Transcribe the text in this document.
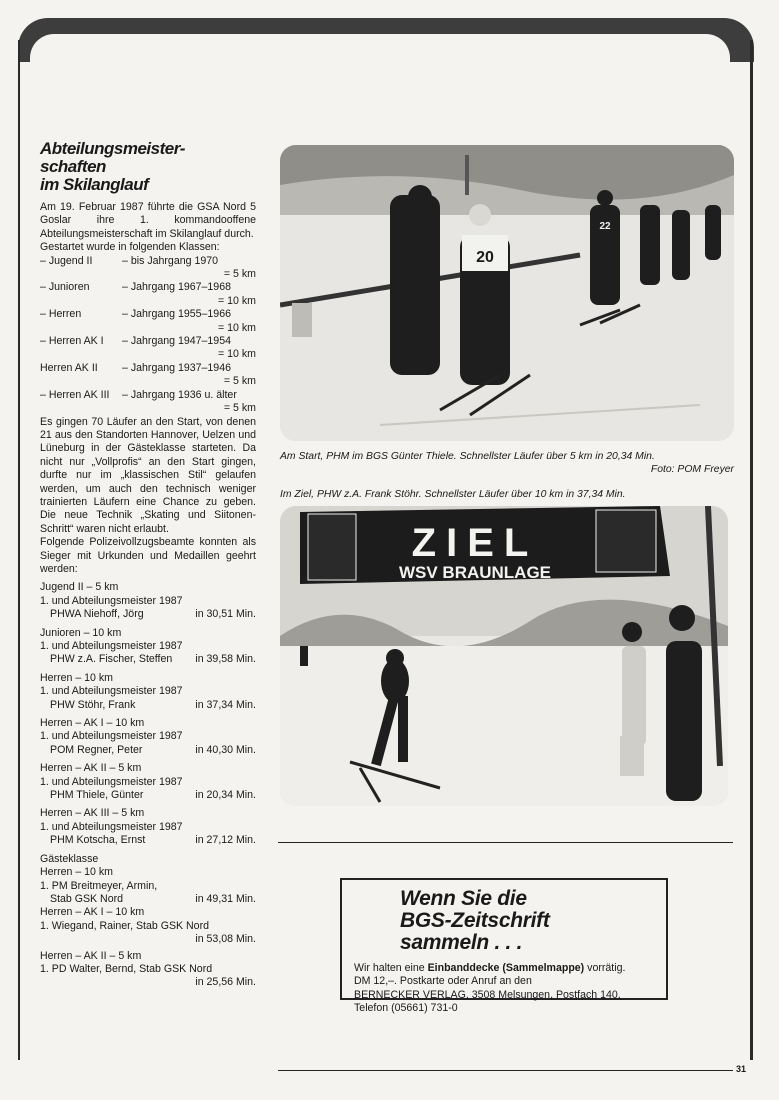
Abteilungsmeister-
schaften
im Skilanglauf

Am 19. Februar 1987 führte die GSA Nord 5 Goslar ihre 1. kommandooffene Abteilungsmeisterschaft im Skilanglauf durch.

Gestartet wurde in folgenden Klassen:

– Jugend II	– bis Jahrgang 1970
= 5 km
– Junioren	– Jahrgang 1967–1968
= 10 km
– Herren	– Jahrgang 1955–1966
= 10 km
– Herren AK I	– Jahrgang 1947–1954
= 10 km
Herren AK II	– Jahrgang 1937–1946
= 5 km
– Herren AK III	– Jahrgang 1936 u. älter
= 5 km

Es gingen 70 Läufer an den Start, von denen 21 aus den Standorten Hannover, Uelzen und Lüneburg in der Gästeklasse starteten. Da nicht nur „Vollprofis“ an den Start gingen, durfte nur im „klassischen Stil“ gelaufen werden, um auch den technisch weniger trainierten Läufern eine Chance zu geben. Die neue Technik „Skating und Siitonen-Schritt“ waren nicht erlaubt.

Folgende Polizeivollzugsbeamte konnten als Sieger mit Urkunden und Medaillen geehrt werden:

Jugend II – 5 km
1. und Abteilungsmeister 1987
PHWA Niehoff, Jörg	in 30,51 Min.
Junioren – 10 km
1. und Abteilungsmeister 1987
PHW z.A. Fischer, Steffen in 39,58 Min.
Herren – 10 km
1. und Abteilungsmeister 1987
PHW Stöhr, Frank	in 37,34 Min.
Herren – AK I – 10 km
1. und Abteilungsmeister 1987
POM Regner, Peter	in 40,30 Min.
Herren – AK II – 5 km
1. und Abteilungsmeister 1987
PHM Thiele, Günter	in 20,34 Min.
Herren – AK III – 5 km
1. und Abteilungsmeister 1987
PHM Kotscha, Ernst	in 27,12 Min.
Gästeklasse
Herren – 10 km
1. PM Breitmeyer, Armin,
Stab GSK Nord	in 49,31 Min.
Herren – AK I – 10 km
1. Wiegand, Rainer, Stab GSK Nord
in 53,08 Min.
Herren – AK II – 5 km
1. PD Walter, Bernd, Stab GSK Nord
in 25,56 Min.
20
22
Am Start, PHM im BGS Günter Thiele. Schnellster Läufer über 5 km in 20,34 Min.
Foto: POM Freyer
Im Ziel, PHW z.A. Frank Stöhr. Schnellster Läufer über 10 km in 37,34 Min.
ZIEL
WSV BRAUNLAGE
Wenn Sie die
BGS-Zeitschrift
sammeln . . .
Wir halten eine Einbanddecke (Sammelmappe) vorrätig.
DM 12,–. Postkarte oder Anruf an den
BERNECKER VERLAG, 3508 Melsungen, Postfach 140,
Telefon (05661) 731-0
31
